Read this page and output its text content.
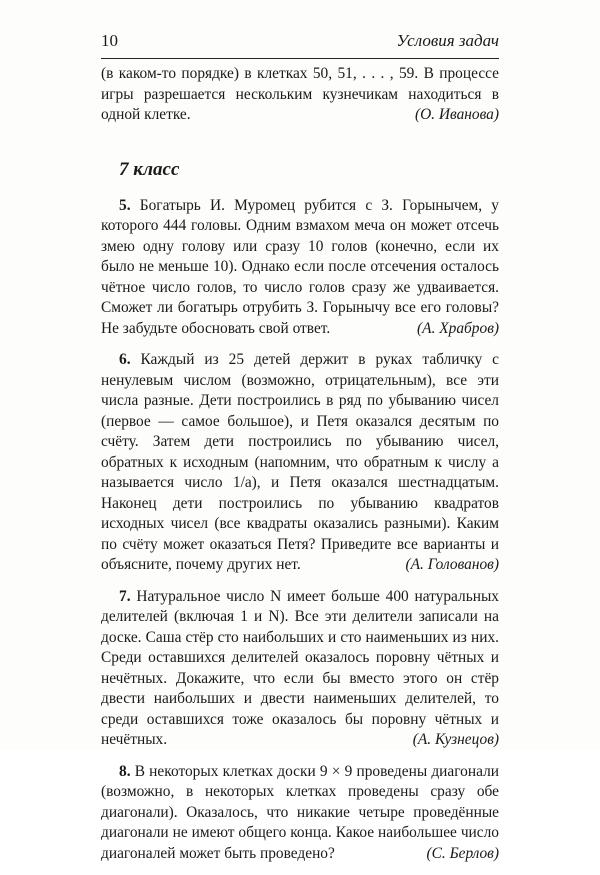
10	Условия задач

(в каком-то порядке) в клетках 50, 51, . . . , 59. В процессе игры разрешается нескольким кузнечикам находиться в одной клетке.	(О. Иванова)

7 класс

5. Богатырь И. Муромец рубится с З. Горынычем, у которого 444 головы. Одним взмахом меча он может отсечь змею одну голову или сразу 10 голов (конечно, если их было не меньше 10). Однако если после отсечения осталось чётное число голов, то число голов сразу же удваивается. Сможет ли богатырь отрубить З. Горынычу все его головы? Не забудьте обосновать свой ответ.	(А. Храбров)

6. Каждый из 25 детей держит в руках табличку с ненулевым числом (возможно, отрицательным), все эти числа разные. Дети построились в ряд по убыванию чисел (первое — самое большое), и Петя оказался десятым по счёту. Затем дети построились по убыванию чисел, обратных к исходным (напомним, что обратным к числу a называется число 1/a), и Петя оказался шестнадцатым. Наконец дети построились по убыванию квадратов исходных чисел (все квадраты оказались разными). Каким по счёту может оказаться Петя? Приведите все варианты и объясните, почему других нет.	(А. Голованов)

7. Натуральное число N имеет больше 400 натуральных делителей (включая 1 и N). Все эти делители записали на доске. Саша стёр сто наибольших и сто наименьших из них. Среди оставшихся делителей оказалось поровну чётных и нечётных. Докажите, что если бы вместо этого он стёр двести наибольших и двести наименьших делителей, то среди оставшихся тоже оказалось бы поровну чётных и нечётных.	(А. Кузнецов)

8. В некоторых клетках доски 9 × 9 проведены диагонали (возможно, в некоторых клетках проведены сразу обе диагонали). Оказалось, что никакие четыре проведённые диагонали не имеют общего конца. Какое наибольшее число диагоналей может быть проведено?	(С. Берлов)
